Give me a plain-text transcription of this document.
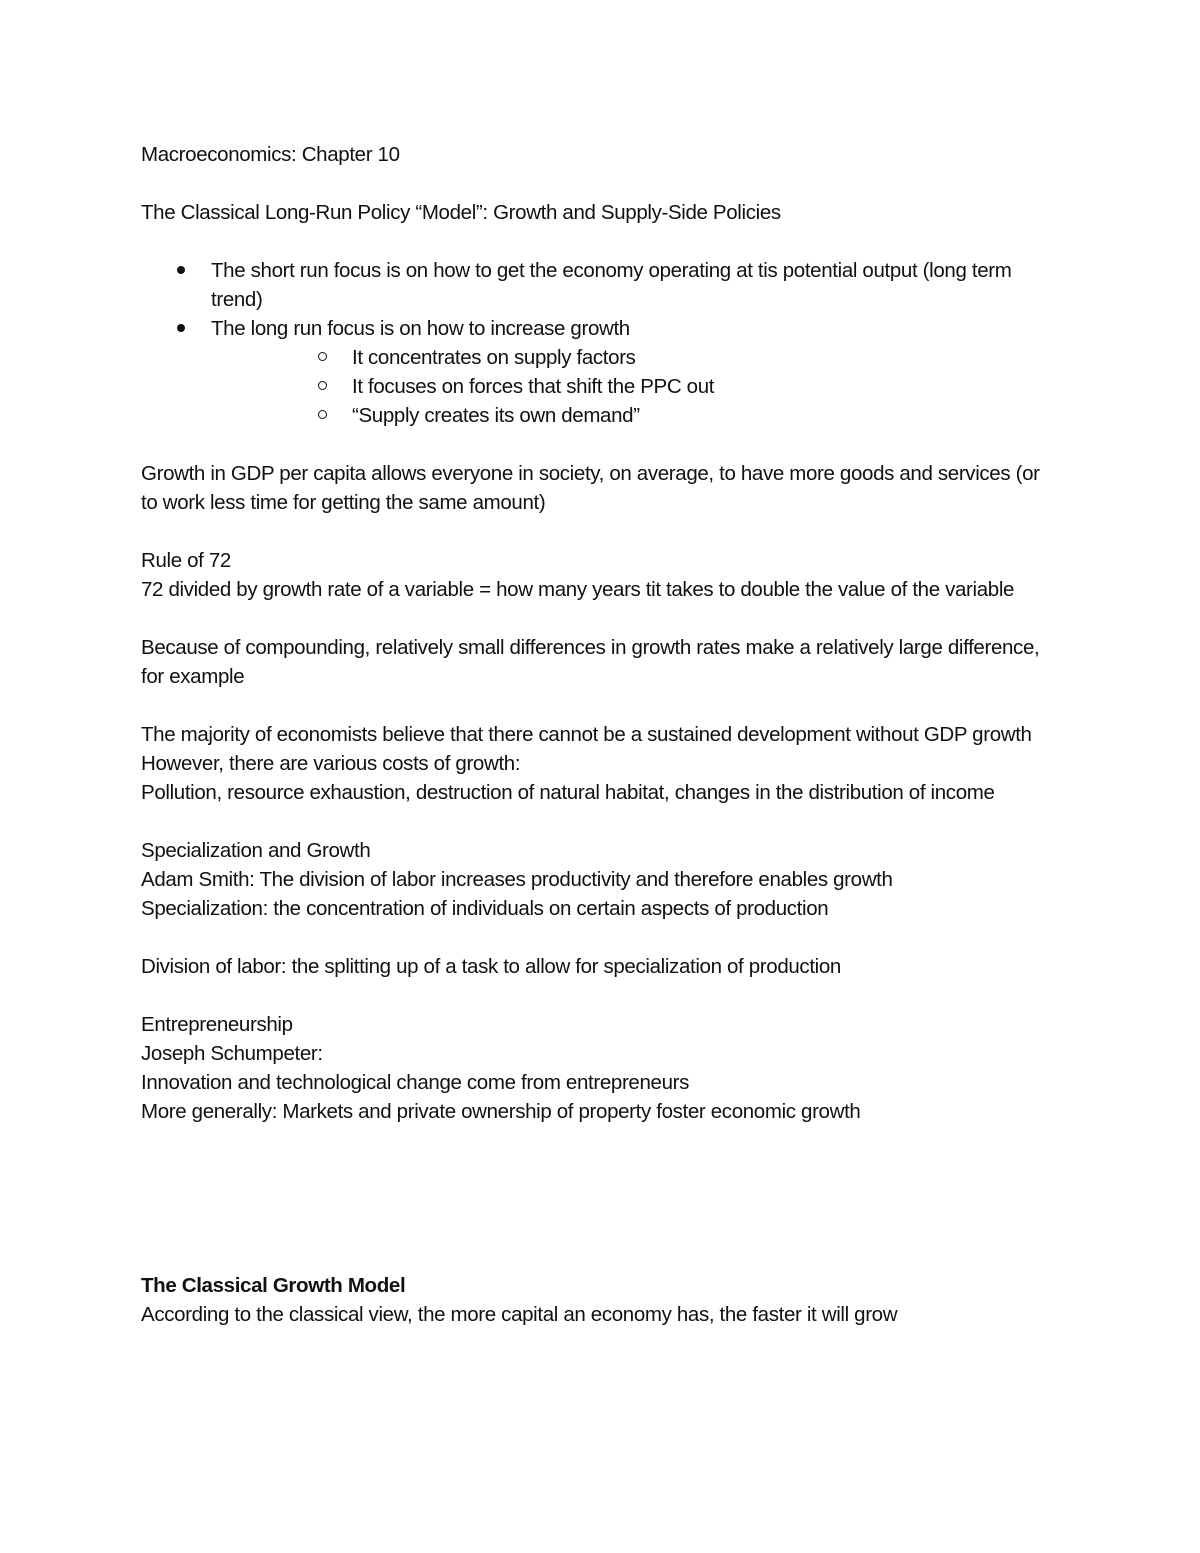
Macroeconomics: Chapter 10

The Classical Long-Run Policy “Model”: Growth and Supply-Side Policies

The short run focus is on how to get the economy operating at tis potential output (long term trend)
The long run focus is on how to increase growth
It concentrates on supply factors
It focuses on forces that shift the PPC out
“Supply creates its own demand”

Growth in GDP per capita allows everyone in society, on average, to have more goods and services (or to work less time for getting the same amount)

Rule of 72

72 divided by growth rate of a variable = how many years tit takes to double the value of the variable

Because of compounding, relatively small differences in growth rates make a relatively large difference, for example

The majority of economists believe that there cannot be a sustained development without GDP growth

However, there are various costs of growth:

Pollution, resource exhaustion, destruction of natural habitat, changes in the distribution of income

Specialization and Growth

Adam Smith: The division of labor increases productivity and therefore enables growth

Specialization: the concentration of individuals on certain aspects of production

Division of labor: the splitting up of a task to allow for specialization of production

Entrepreneurship

Joseph Schumpeter:

Innovation and technological change come from entrepreneurs

More generally: Markets and private ownership of property foster economic growth

The Classical Growth Model

According to the classical view, the more capital an economy has, the faster it will grow
